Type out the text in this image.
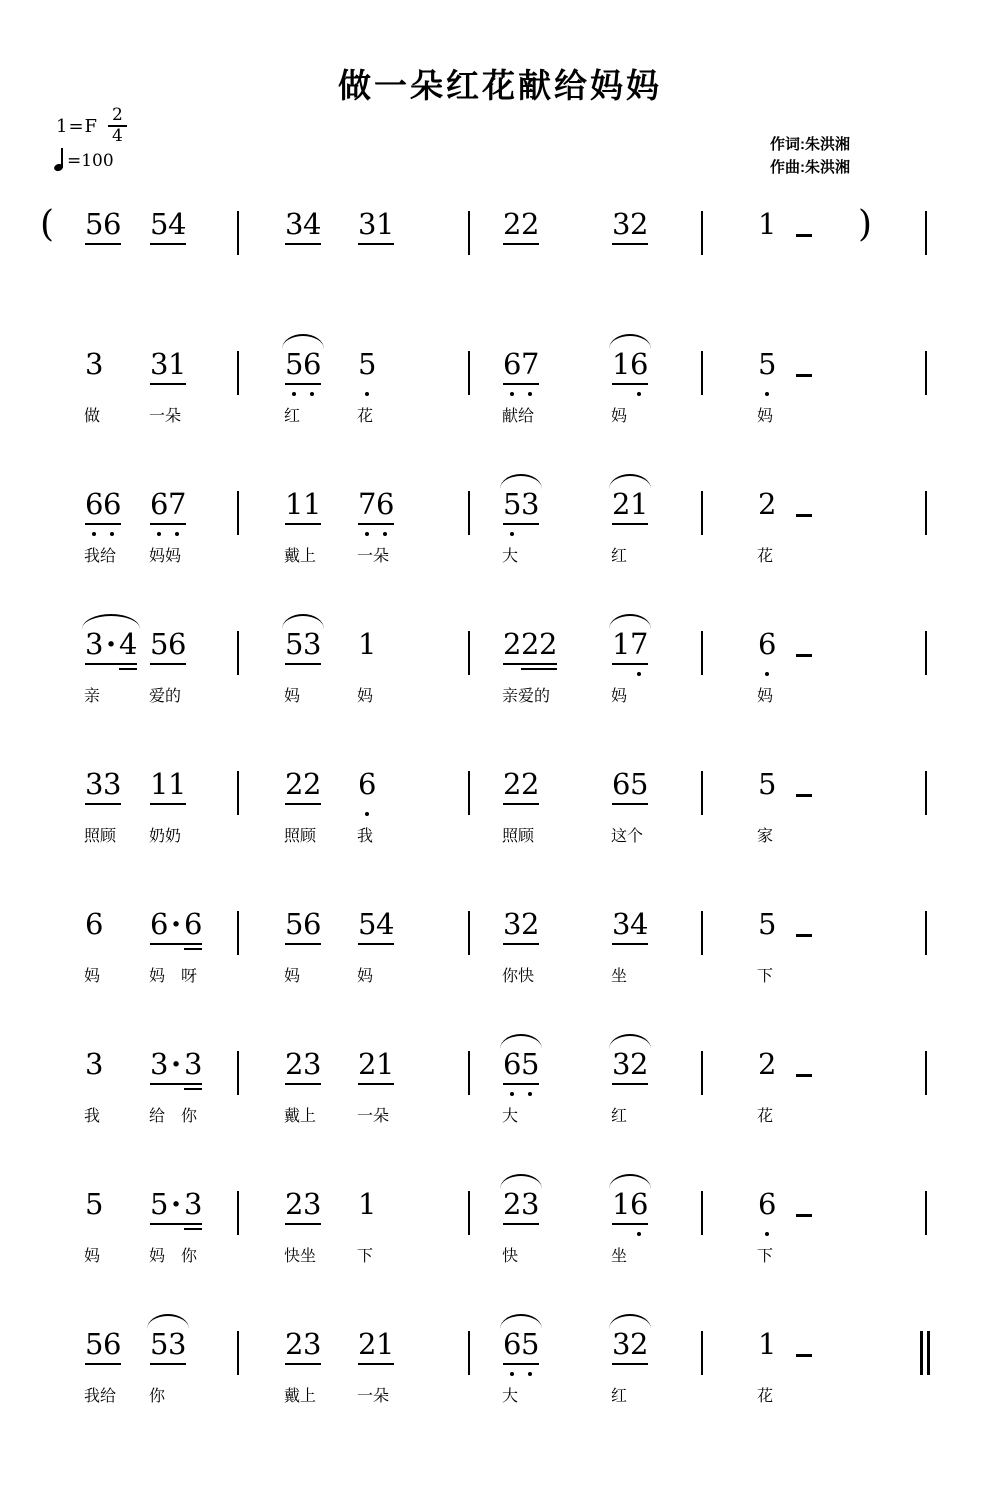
做一朵红花献给妈妈
$1=F \frac{2}{4}$
=100
作词:朱洪湘
作曲:朱洪湘
(	)
5 6 5 4	3 4 3 1	2 2	3 2	1
3
做
3 1
一朵
5 6
红
5
花
6 7
献给
1 6
妈
5
妈
6 6
我给
6 7
妈妈
1 1
戴上
7 6
一朵
5 3
大
2 1
红
2
花
3 · 4
亲
5 6
爱的
5 3
妈
1
妈
2 2 2
亲爱的
1 7
妈
6
妈
3 3
照顾
1 1
奶奶
2 2
照顾
6
我
2 2
照顾
6 5
这个
5
家
6
妈
6 · 6
妈　呀
5 6
妈
5 4
妈
3 2
你快
3 4
坐
5
下
3
我
3 · 3
给　你
2 3
戴上
2 1
一朵
6 5
大
3 2
红
2
花
5
妈
5 · 3
妈　你
2 3
快坐
1
下
2 3
快
1 6
坐
6
下
5 6
我给
5 3
你
2 3
戴上
2 1
一朵
6 5
大
3 2
红
1
花
